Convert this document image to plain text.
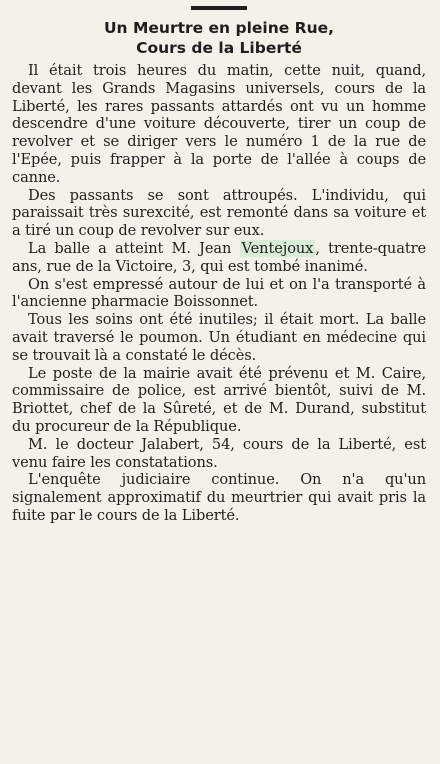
Un Meurtre en pleine Rue,
Cours de la Liberté

Il était trois heures du matin, cette nuit, quand, devant les Grands Magasins universels, cours de la Liberté, les rares passants attardés ont vu un homme descendre d'une voiture découverte, tirer un coup de revolver et se diriger vers le numéro 1 de la rue de l'Epée, puis frapper à la porte de l'allée à coups de canne.

Des passants se sont attroupés. L'individu, qui paraissait très surexcité, est remonté dans sa voiture et a tiré un coup de revolver sur eux.

La balle a atteint M. Jean Ventejoux , trente-quatre ans, rue de la Victoire, 3, qui est tombé inanimé.

On s'est empressé autour de lui et on l'a transporté à l'ancienne pharmacie Boissonnet.

Tous les soins ont été inutiles; il était mort. La balle avait traversé le poumon. Un étudiant en médecine qui se trouvait là a constaté le décès.

Le poste de la mairie avait été prévenu et M. Caire, commissaire de police, est arrivé bientôt, suivi de M. Briottet, chef de la Sûreté, et de M. Durand, substitut du procureur de la République.

M. le docteur Jalabert, 54, cours de la Liberté, est venu faire les constatations.

L'enquête judiciaire continue. On n'a qu'un signalement approximatif du meurtrier qui avait pris la fuite par le cours de la Liberté.
